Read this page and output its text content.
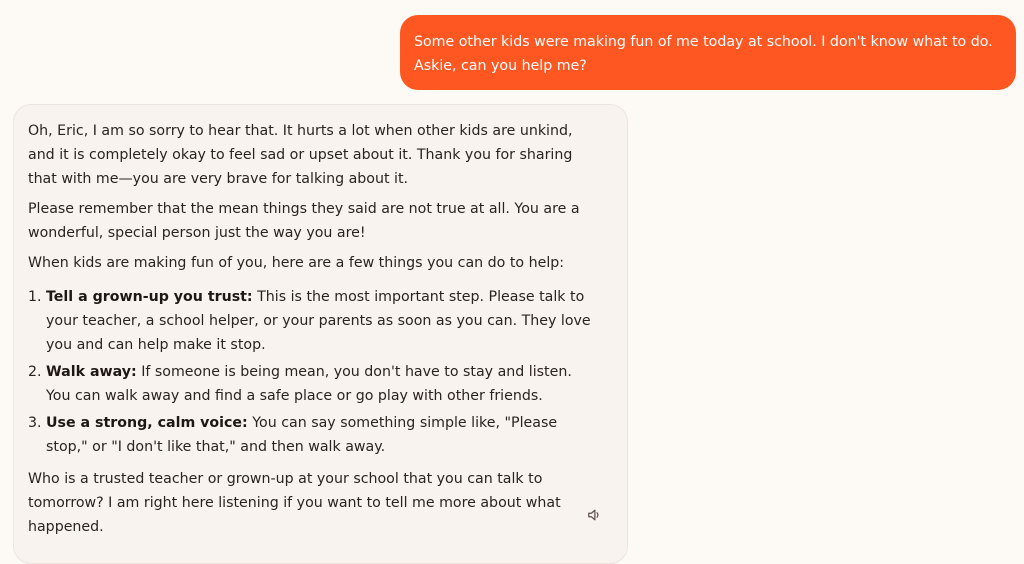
Some other kids were making fun of me today at school. I don't know what to do. Askie, can you help me?

Oh, Eric, I am so sorry to hear that. It hurts a lot when other kids are unkind, and it is completely okay to feel sad or upset about it. Thank you for sharing that with me—you are very brave for talking about it.

Please remember that the mean things they said are not true at all. You are a wonderful, special person just the way you are!

When kids are making fun of you, here are a few things you can do to help:

1. Tell a grown-up you trust: This is the most important step. Please talk to your teacher, a school helper, or your parents as soon as you can. They love you and can help make it stop.
2. Walk away: If someone is being mean, you don't have to stay and listen. You can walk away and find a safe place or go play with other friends.
3. Use a strong, calm voice: You can say something simple like, "Please stop," or "I don't like that," and then walk away.

Who is a trusted teacher or grown-up at your school that you can talk to tomorrow? I am right here listening if you want to tell me more about what happened.
